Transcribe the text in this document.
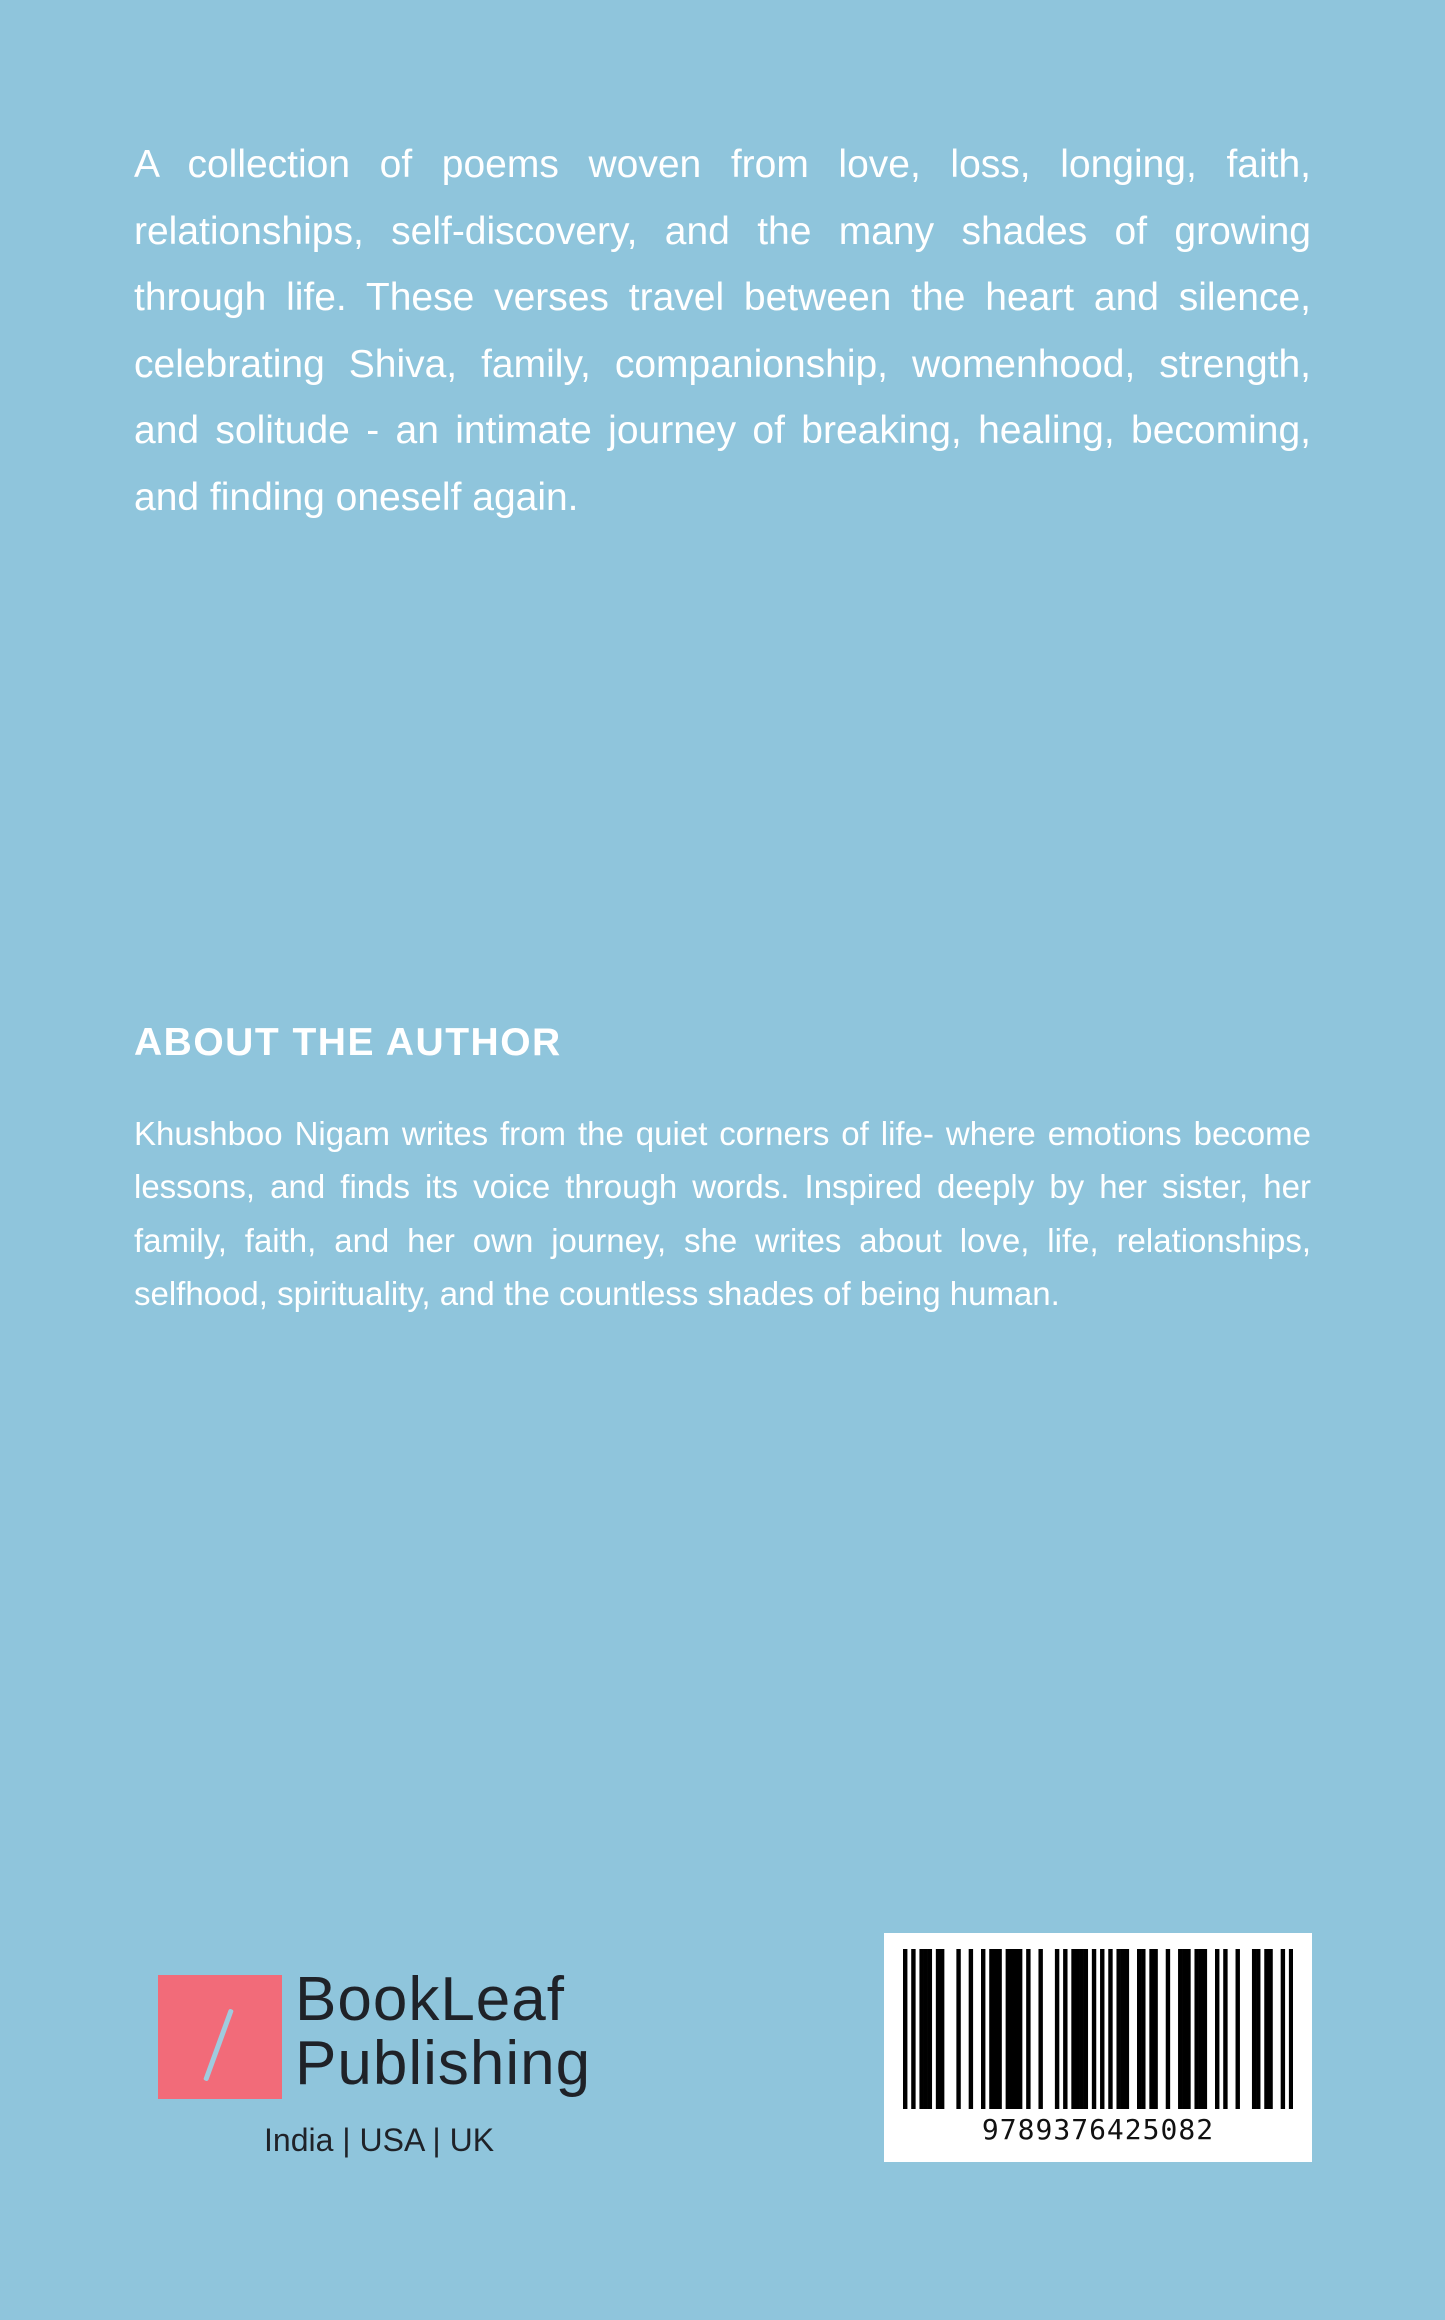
A collection of poems woven from love, loss, longing, faith, relationships, self-discovery, and the many shades of growing through life. These verses travel between the heart and silence, celebrating Shiva, family, companionship, womenhood, strength, and solitude - an intimate journey of breaking, healing, becoming, and finding oneself again.

ABOUT THE AUTHOR

Khushboo Nigam writes from the quiet corners of life- where emotions become lessons, and finds its voice through words. Inspired deeply by her sister, her family, faith, and her own journey, she writes about love, life, relationships, selfhood, spirituality, and the countless shades of being human.

BookLeaf
Publishing
India | USA | UK	9789376425082
